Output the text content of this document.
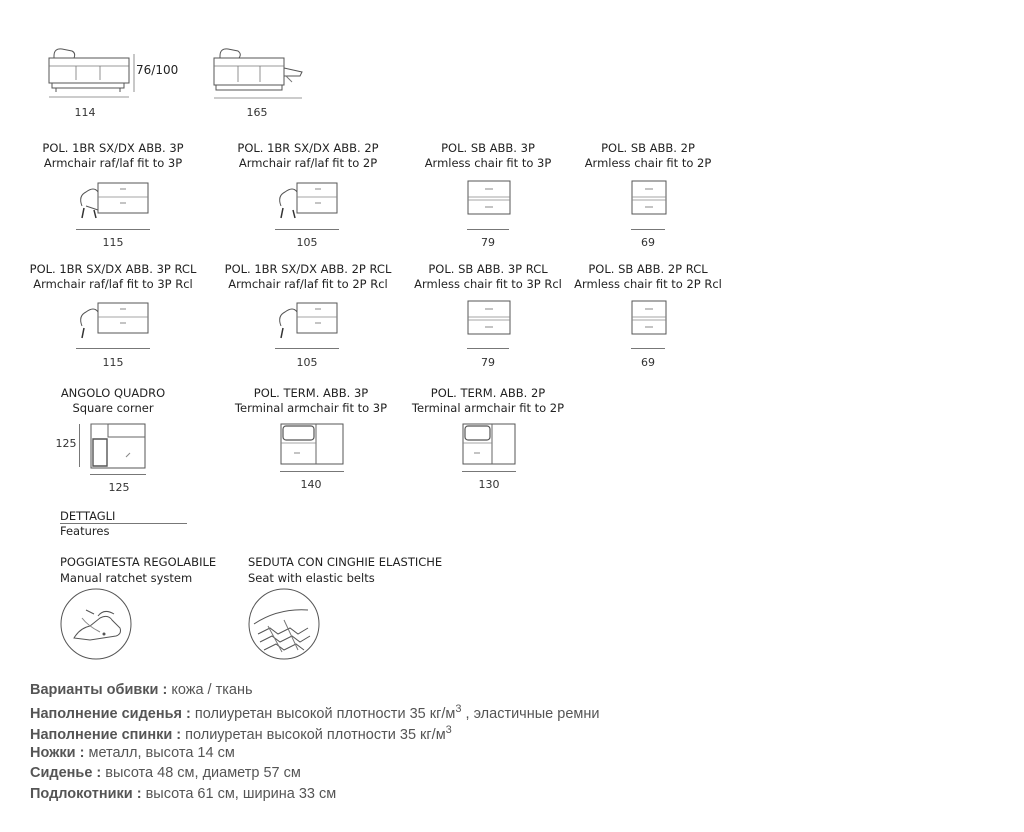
114
76/100
165
POL. 1BR SX/DX ABB. 3P
Armchair raf/laf fit to 3P
115
POL. 1BR SX/DX ABB. 2P
Armchair raf/laf fit to 2P
105
POL. SB ABB. 3P
Armless chair fit to 3P
79
POL. SB ABB. 2P
Armless chair fit to 2P
69
POL. 1BR SX/DX ABB. 3P RCL
Armchair raf/laf fit to 3P Rcl
115
POL. 1BR SX/DX ABB. 2P RCL
Armchair raf/laf fit to 2P Rcl
105
POL. SB ABB. 3P RCL
Armless chair fit to 3P Rcl
79
POL. SB ABB. 2P RCL
Armless chair fit to 2P Rcl
69
ANGOLO QUADRO
Square corner
125
125
POL. TERM. ABB. 3P
Terminal armchair fit to 3P
140
POL. TERM. ABB. 2P
Terminal armchair fit to 2P
130
DETTAGLI
Features
POGGIATESTA REGOLABILE
Manual ratchet system
SEDUTA CON CINGHIE ELASTICHE
Seat with elastic belts
Варианты обивки : кожа / ткань
Наполнение сиденья : полиуретан высокой плотности 35 $кг/м^3$ , эластичные ремни
Наполнение спинки : полиуретан высокой плотности 35 $кг/м^3$
Ножки : металл, высота 14 см
Сиденье : высота 48 см, диаметр 57 см
Подлокотники : высота 61 см, ширина 33 см
